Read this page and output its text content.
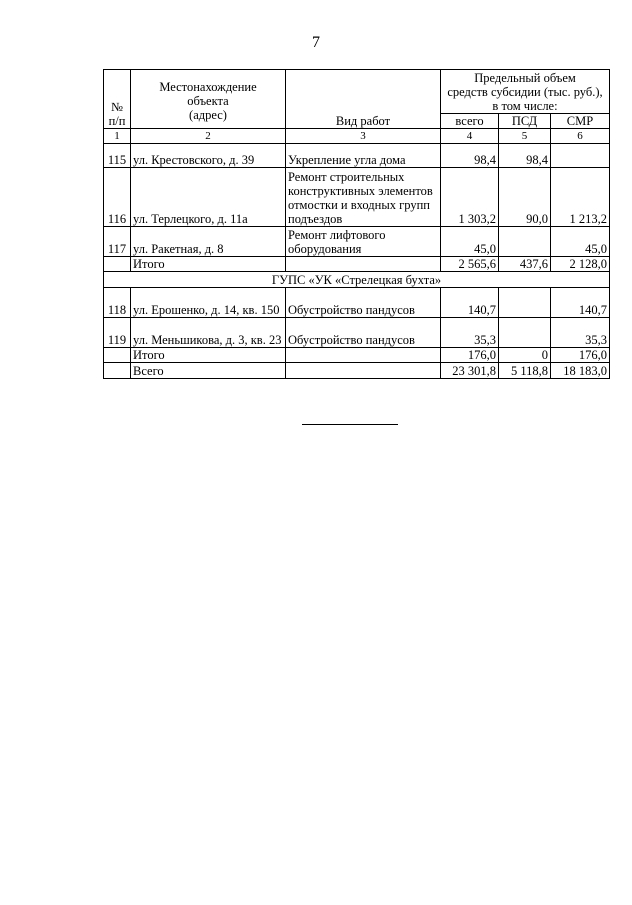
7
№
п/п	Местонахождение
объекта
(адрес)	Вид работ	Предельный объем
средств субсидии (тыс. руб.),
в том числе:		
			всего	ПСД	СМР
1	2	3	4	5	6

115	ул. Крестовского, д. 39	Укрепление угла дома	98,4	98,4	
116	ул. Терлецкого, д. 11а	Ремонт строительных конструктивных элементов отмостки и входных групп подъездов	1 303,2	90,0	1 213,2
117	ул. Ракетная, д. 8	Ремонт лифтового оборудования	45,0		45,0
	Итого		2 565,6	437,6	2 128,0
ГУПС «УК «Стрелецкая бухта»					
118	ул. Ерошенко, д. 14, кв. 150	Обустройство пандусов	140,7		140,7
119	ул. Меньшикова, д. 3, кв. 23	Обустройство пандусов	35,3		35,3
	Итого		176,0	0	176,0
	Всего		23 301,8	5 118,8	18 183,0
